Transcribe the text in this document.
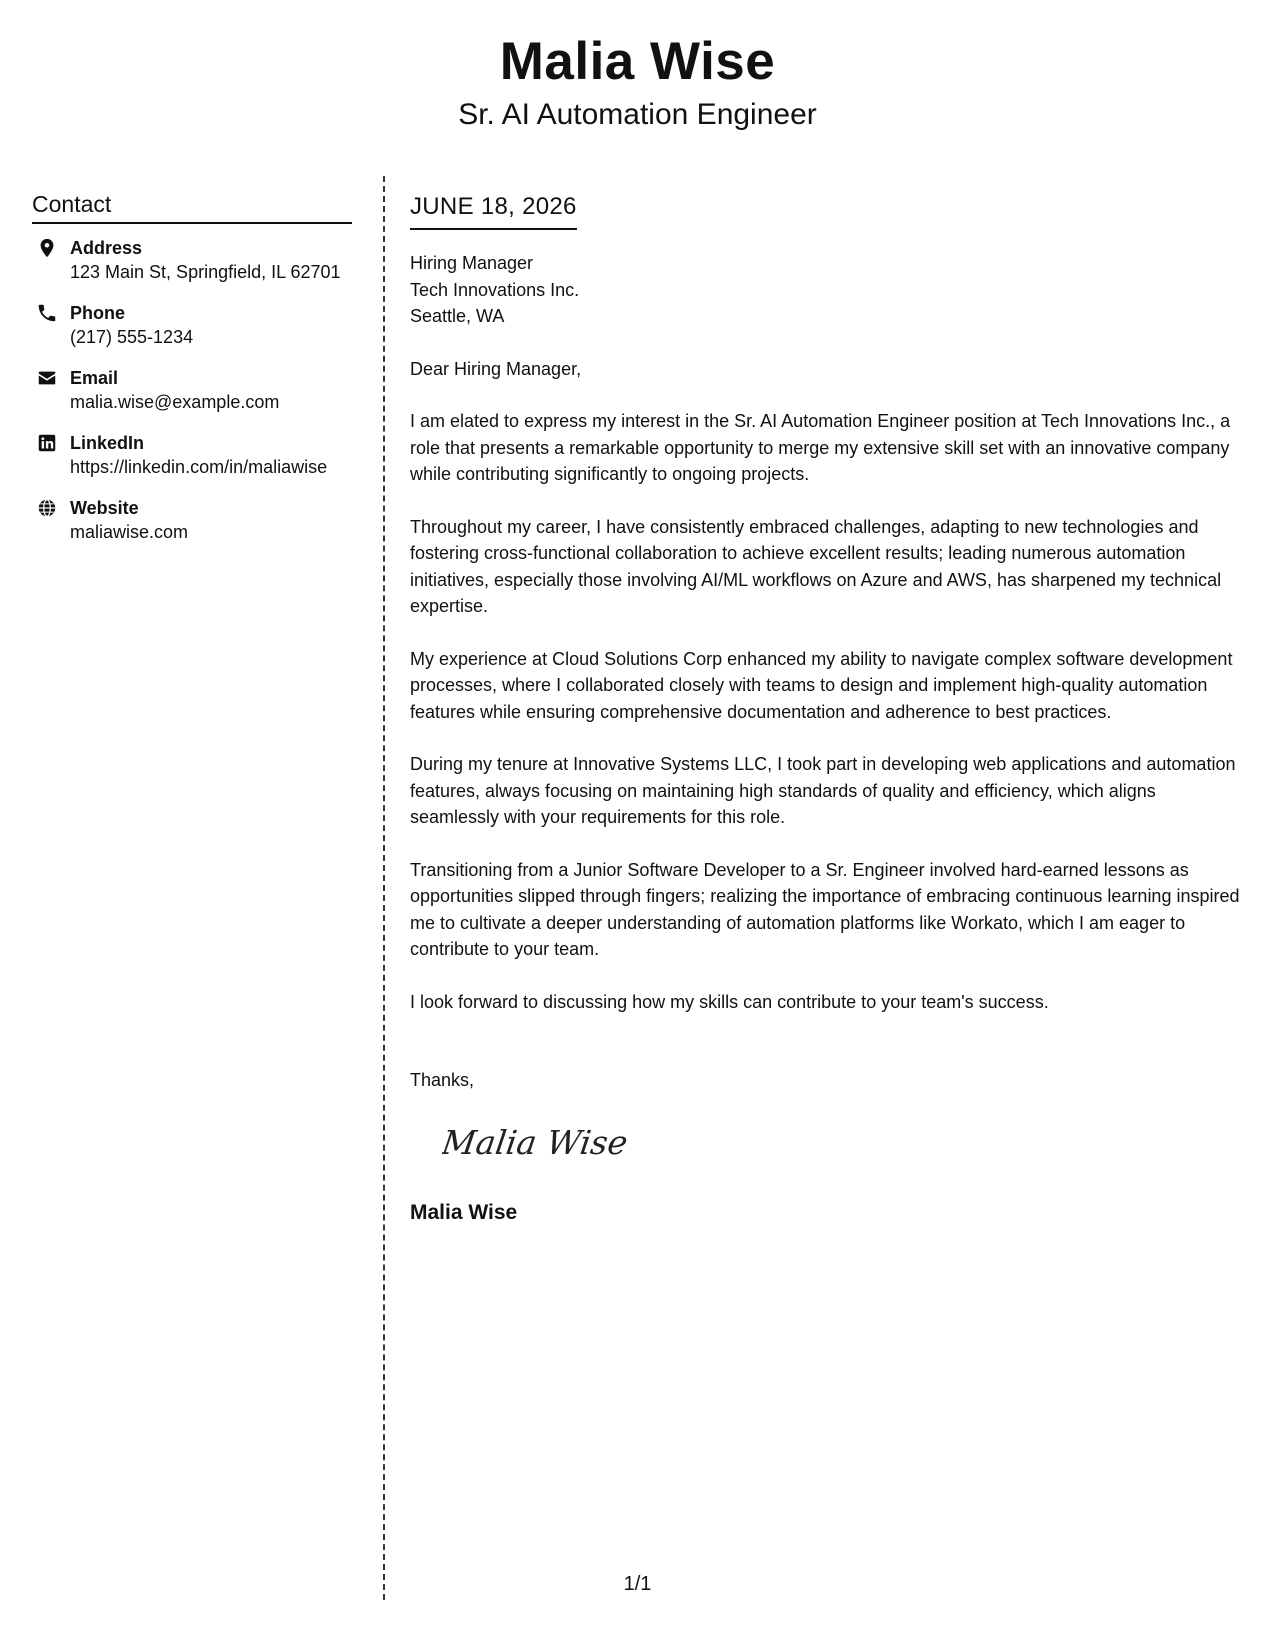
Malia Wise
Sr. AI Automation Engineer
Contact
Address
123 Main St, Springfield, IL 62701
Phone
(217) 555-1234
Email
malia.wise@example.com
LinkedIn
https://linkedin.com/in/maliawise
Website
maliawise.com
JUNE 18, 2026
Hiring Manager
Tech Innovations Inc.
Seattle, WA
Dear Hiring Manager,
I am elated to express my interest in the Sr. AI Automation Engineer position at Tech Innovations Inc., a role that presents a remarkable opportunity to merge my extensive skill set with an innovative company while contributing significantly to ongoing projects.
Throughout my career, I have consistently embraced challenges, adapting to new technologies and fostering cross-functional collaboration to achieve excellent results; leading numerous automation initiatives, especially those involving AI/ML workflows on Azure and AWS, has sharpened my technical expertise.
My experience at Cloud Solutions Corp enhanced my ability to navigate complex software development processes, where I collaborated closely with teams to design and implement high-quality automation features while ensuring comprehensive documentation and adherence to best practices.
During my tenure at Innovative Systems LLC, I took part in developing web applications and automation features, always focusing on maintaining high standards of quality and efficiency, which aligns seamlessly with your requirements for this role.
Transitioning from a Junior Software Developer to a Sr. Engineer involved hard-earned lessons as opportunities slipped through fingers; realizing the importance of embracing continuous learning inspired me to cultivate a deeper understanding of automation platforms like Workato, which I am eager to contribute to your team.
I look forward to discussing how my skills can contribute to your team's success.
Thanks,
Malia Wise
Malia Wise
1/1
